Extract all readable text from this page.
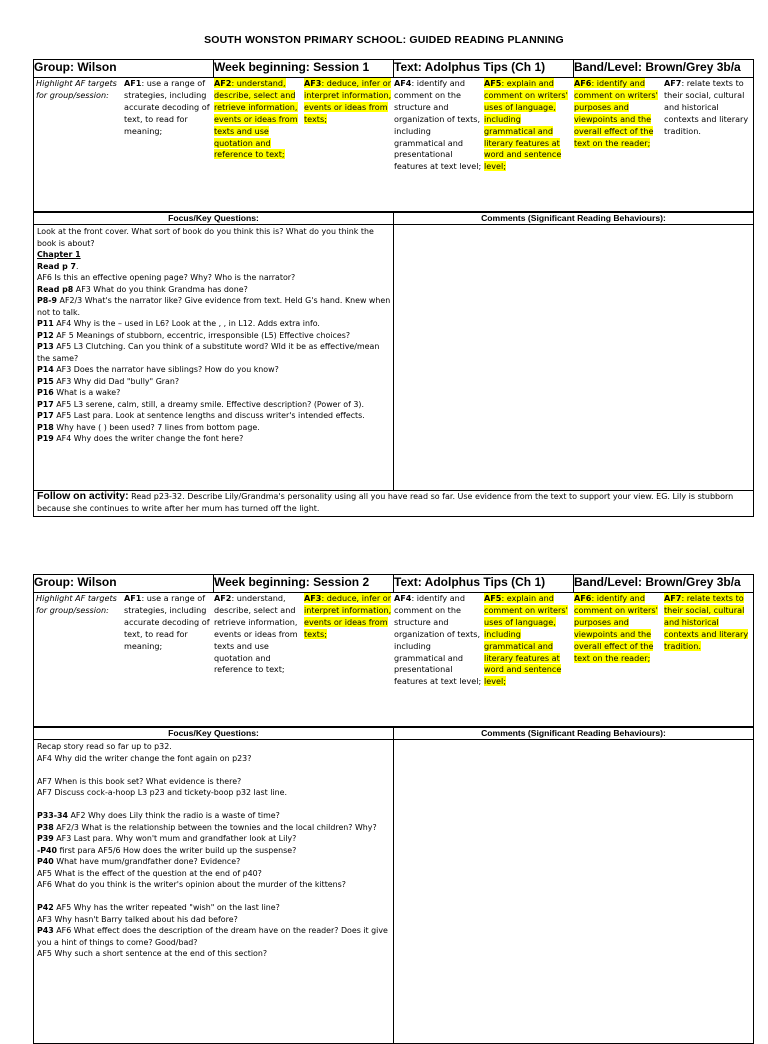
SOUTH WONSTON PRIMARY SCHOOL: GUIDED READING PLANNING
Group: Wilson	Week beginning: Session 1	Text: Adolphus Tips (Ch 1)	Band/Level: Brown/Grey 3b/a

Highlight AF targets for group/session:	AF1: use a range of strategies, including accurate decoding of text, to read for meaning;	AF2: understand, describe, select and retrieve information, events or ideas from texts and use quotation and reference to text;	AF3: deduce, infer or interpret information, events or ideas from texts;	AF4: identify and comment on the structure and organization of texts, including grammatical and presentational features at text level;	AF5: explain and comment on writers' uses of language, including grammatical and literary features at word and sentence level;	AF6: identify and comment on writers' purposes and viewpoints and the overall effect of the text on the reader;	AF7: relate texts to their social, cultural and historical contexts and literary tradition.

Focus/Key Questions:	Comments (Significant Reading Behaviours):

Look at the front cover. What sort of book do you think this is? What do you think the book is about?
Chapter 1
Read p 7.
AF6 Is this an effective opening page? Why? Who is the narrator?
Read p8 AF3 What do you think Grandma has done?
P8-9 AF2/3 What's the narrator like? Give evidence from text. Held G's hand. Knew when not to talk.
P11 AF4 Why is the – used in L6? Look at the , , in L12. Adds extra info.
P12 AF 5 Meanings of stubborn, eccentric, irresponsible (L5) Effective choices?
P13 AF5 L3 Clutching. Can you think of a substitute word? Wld it be as effective/mean the same?
P14 AF3 Does the narrator have siblings? How do you know?
P15 AF3 Why did Dad "bully" Gran?
P16 What is a wake?
P17 AF5 L3 serene, calm, still, a dreamy smile. Effective description? (Power of 3).
P17 AF5 Last para. Look at sentence lengths and discuss writer's intended effects.
P18 Why have ( ) been used? 7 lines from bottom page.
P19 AF4 Why does the writer change the font here?

Follow on activity: Read p23-32. Describe Lily/Grandma's personality using all you have read so far. Use evidence from the text to support your view. EG. Lily is stubborn because she continues to write after her mum has turned off the light.
Group: Wilson	Week beginning: Session 2	Text: Adolphus Tips (Ch 1)	Band/Level: Brown/Grey 3b/a

Highlight AF targets for group/session:	AF1: use a range of strategies, including accurate decoding of text, to read for meaning;	AF2: understand, describe, select and retrieve information, events or ideas from texts and use quotation and reference to text;	AF3: deduce, infer or interpret information, events or ideas from texts;	AF4: identify and comment on the structure and organization of texts, including grammatical and presentational features at text level;	AF5: explain and comment on writers' uses of language, including grammatical and literary features at word and sentence level;	AF6: identify and comment on writers' purposes and viewpoints and the overall effect of the text on the reader;	AF7: relate texts to their social, cultural and historical contexts and literary tradition.

Focus/Key Questions:	Comments (Significant Reading Behaviours):

Recap story read so far up to p32.
AF4 Why did the writer change the font again on p23?
AF7 When is this book set? What evidence is there?
AF7 Discuss cock-a-hoop L3 p23 and tickety-boop p32 last line.
P33-34 AF2 Why does Lily think the radio is a waste of time?
P38 AF2/3 What is the relationship between the townies and the local children? Why?
P39 AF3 Last para. Why won't mum and grandfather look at Lily?
-P40 first para AF5/6 How does the writer build up the suspense?
P40 What have mum/grandfather done? Evidence?
AF5 What is the effect of the question at the end of p40?
AF6 What do you think is the writer's opinion about the murder of the kittens?
P42 AF5 Why has the writer repeated "wish" on the last line?
AF3 Why hasn't Barry talked about his dad before?
P43 AF6 What effect does the description of the dream have on the reader? Does it give you a hint of things to come? Good/bad?
AF5 Why such a short sentence at the end of this section?
